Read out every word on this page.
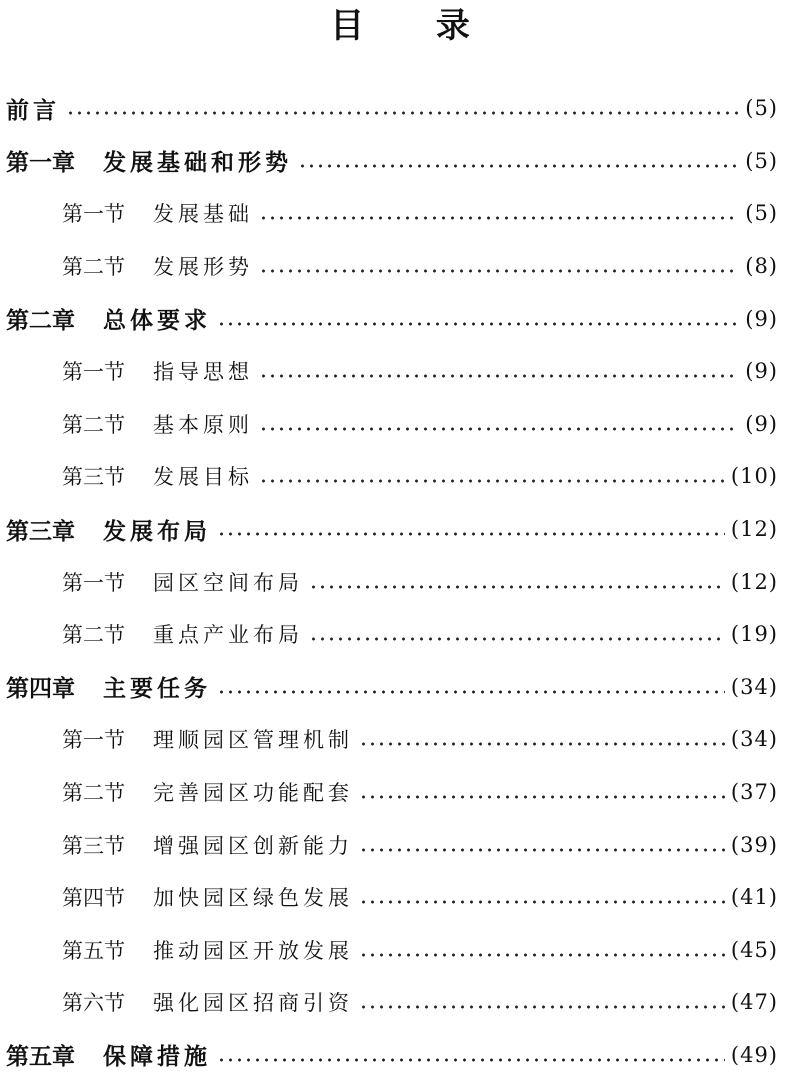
目 录
前言	(5)
第一章 发展基础和形势	(5)
第一节 发展基础	(5)
第二节 发展形势	(8)
第二章 总体要求	(9)
第一节 指导思想	(9)
第二节 基本原则	(9)
第三节 发展目标	(10)
第三章 发展布局	(12)
第一节 园区空间布局	(12)
第二节 重点产业布局	(19)
第四章 主要任务	(34)
第一节 理顺园区管理机制	(34)
第二节 完善园区功能配套	(37)
第三节 增强园区创新能力	(39)
第四节 加快园区绿色发展	(41)
第五节 推动园区开放发展	(45)
第六节 强化园区招商引资	(47)
第五章 保障措施	(49)
